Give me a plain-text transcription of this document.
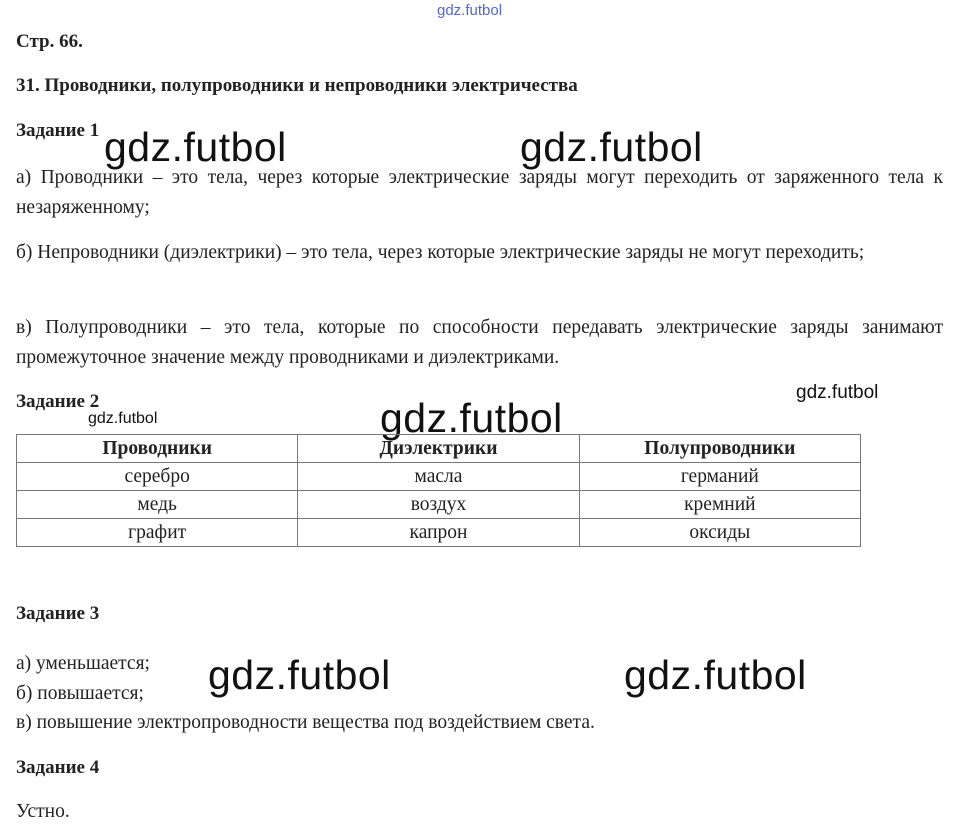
gdz.futbol
Стр. 66.
31. Проводники, полупроводники и непроводники электричества
Задание 1 gdz.futbol	gdz.futbol
а) Проводники – это тела, через которые электрические заряды могут переходить от заряженного тела к незаряженному;
б) Непроводники (диэлектрики) – это тела, через которые электрические заряды не могут переходить;
в) Полупроводники – это тела, которые по способности передавать электрические заряды занимают промежуточное значение между проводниками и диэлектриками.
Задание 2	gdz.futbol
gdz.futbol	gdz.futbol
Проводники	Диэлектрики	Полупроводники
серебро	масла	германий
медь	воздух	кремний
графит	капрон	оксиды
Задание 3
а) уменьшается;
б) повышается;
в) повышение электропроводности вещества под воздействием света.
gdz.futbol	gdz.futbol
Задание 4
Устно.
